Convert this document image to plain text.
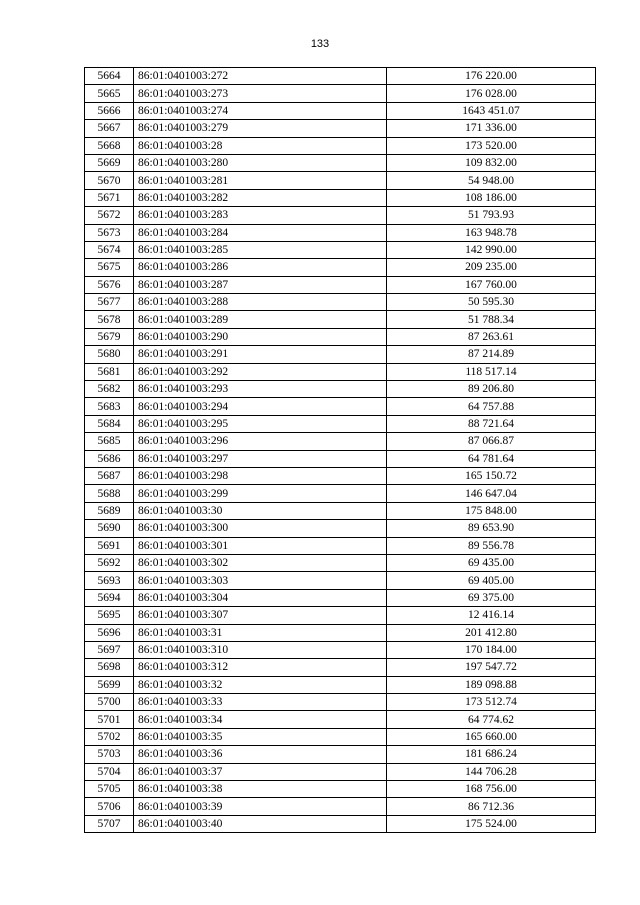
133
5664	86:01:0401003:272	176 220.00
5665	86:01:0401003:273	176 028.00
5666	86:01:0401003:274	1643 451.07
5667	86:01:0401003:279	171 336.00
5668	86:01:0401003:28	173 520.00
5669	86:01:0401003:280	109 832.00
5670	86:01:0401003:281	54 948.00
5671	86:01:0401003:282	108 186.00
5672	86:01:0401003:283	51 793.93
5673	86:01:0401003:284	163 948.78
5674	86:01:0401003:285	142 990.00
5675	86:01:0401003:286	209 235.00
5676	86:01:0401003:287	167 760.00
5677	86:01:0401003:288	50 595.30
5678	86:01:0401003:289	51 788.34
5679	86:01:0401003:290	87 263.61
5680	86:01:0401003:291	87 214.89
5681	86:01:0401003:292	118 517.14
5682	86:01:0401003:293	89 206.80
5683	86:01:0401003:294	64 757.88
5684	86:01:0401003:295	88 721.64
5685	86:01:0401003:296	87 066.87
5686	86:01:0401003:297	64 781.64
5687	86:01:0401003:298	165 150.72
5688	86:01:0401003:299	146 647.04
5689	86:01:0401003:30	175 848.00
5690	86:01:0401003:300	89 653.90
5691	86:01:0401003:301	89 556.78
5692	86:01:0401003:302	69 435.00
5693	86:01:0401003:303	69 405.00
5694	86:01:0401003:304	69 375.00
5695	86:01:0401003:307	12 416.14
5696	86:01:0401003:31	201 412.80
5697	86:01:0401003:310	170 184.00
5698	86:01:0401003:312	197 547.72
5699	86:01:0401003:32	189 098.88
5700	86:01:0401003:33	173 512.74
5701	86:01:0401003:34	64 774.62
5702	86:01:0401003:35	165 660.00
5703	86:01:0401003:36	181 686.24
5704	86:01:0401003:37	144 706.28
5705	86:01:0401003:38	168 756.00
5706	86:01:0401003:39	86 712.36
5707	86:01:0401003:40	175 524.00
